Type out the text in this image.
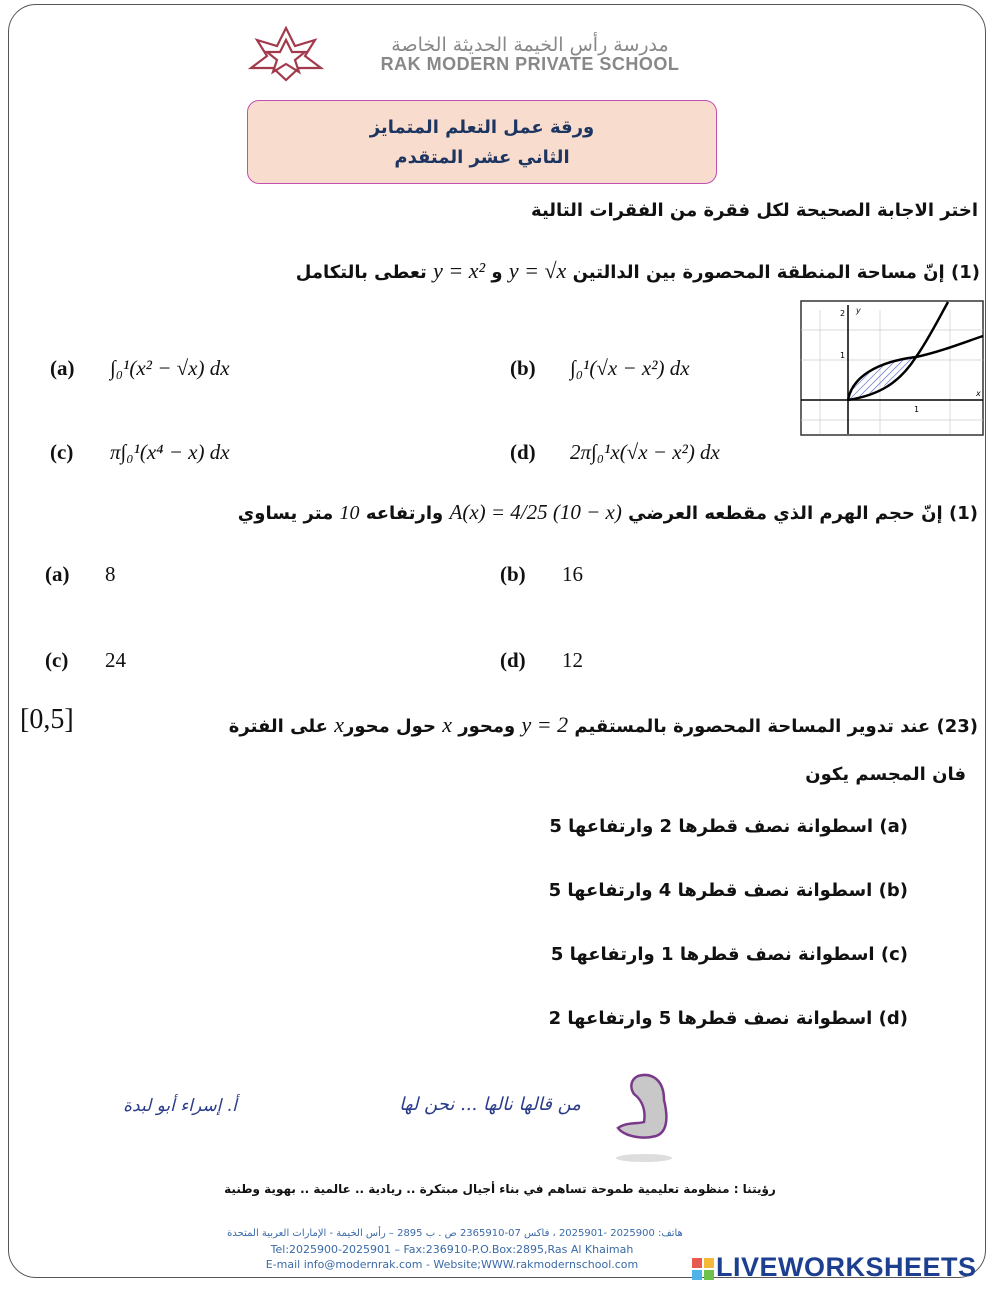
مدرسة رأس الخيمة الحديثة الخاصة
RAK MODERN PRIVATE SCHOOL
ورقة عمل التعلم المتمايز
الثاني عشر المتقدم
اختر الاجابة الصحيحة لكل فقرة من الفقرات التالية
(1) إنّ مساحة المنطقة المحصورة بين الدالتين y = √x و y = x² تعطى بالتكامل
(a) ∫₀¹(x² − √x) dx	(b) ∫₀¹(√x − x²) dx
(c) π∫₀¹(x⁴ − x) dx	(d) 2π∫₀¹x(√x − x²) dx
2 y
1
1
x
(1) إنّ حجم الهرم الذي مقطعه العرضي A(x) = 4/25 (10 − x) وارتفاعه 10 متر يساوي
(a) 8	(b) 16
(c) 24	(d) 12
(23) عند تدوير المساحة المحصورة بالمستقيم y = 2 ومحور x حول محورx على الفترة
[0,5]
فان المجسم يكون
(a) اسطوانة نصف قطرها 2 وارتفاعها 5
(b) اسطوانة نصف قطرها 4 وارتفاعها 5
(c) اسطوانة نصف قطرها 1 وارتفاعها 5
(d) اسطوانة نصف قطرها 5 وارتفاعها 2
أ. إسراء أبو لبدة	من قالها نالها ... نحن لها
رؤيتنا : منظومة تعليمية طموحة تساهم في بناء أجيال مبتكرة .. ريادية .. عالمية .. بهوية وطنية
هاتف: 2025900 -2025901 ، فاكس 07-2365910 ص . ب 2895 – رأس الخيمة - الإمارات العربية المتحدة
Tel:2025900-2025901 – Fax:236910-P.O.Box:2895,Ras Al Khaimah
E-mail info@modernrak.com - Website;WWW.rakmodernschool.com	LIVEWORKSHEETS
